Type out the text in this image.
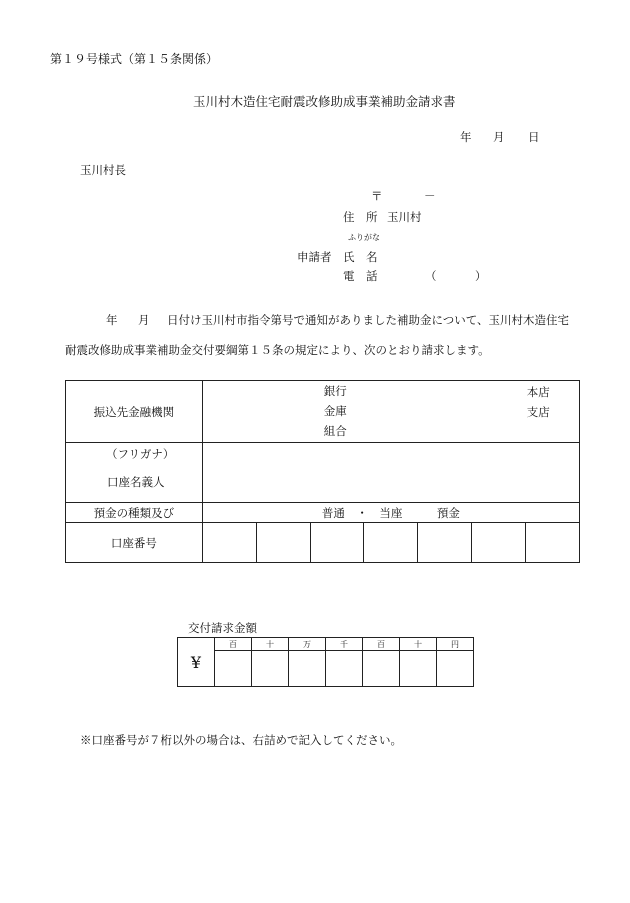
第１９号様式（第１５条関係）
玉川村木造住宅耐震改修助成事業補助金請求書
年 月 日
玉川村長
〒	－
住　所 玉川村
ふりがな
申請者 氏　名
電　話	（	）
年 月 日付け玉川村市指令第号で通知がありました補助金について、玉川村木造住宅
耐震改修助成事業補助金交付要綱第１５条の規定により、次のとおり請求します。
振込先金融機関	銀行
金庫
組合
本店
支店						

（フリガナ）
口座名義人							

預金の種類及び	普通　・　当座　　　預金						
口座番号							
交付請求金額
¥	百	十	万	千	百	十	円

※口座番号が７桁以外の場合は、右詰めで記入してください。
